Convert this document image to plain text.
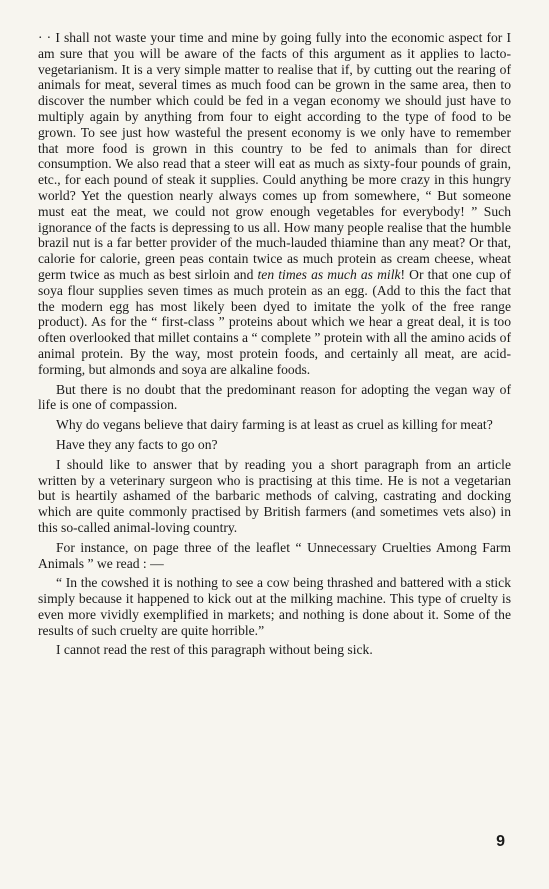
· · I shall not waste your time and mine by going fully into the economic aspect for I am sure that you will be aware of the facts of this argument as it applies to lacto-vegetarianism. It is a very simple matter to realise that if, by cutting out the rearing of animals for meat, several times as much food can be grown in the same area, then to discover the number which could be fed in a vegan economy we should just have to multiply again by anything from four to eight according to the type of food to be grown. To see just how wasteful the present economy is we only have to remember that more food is grown in this country to be fed to animals than for direct consumption. We also read that a steer will eat as much as sixty-four pounds of grain, etc., for each pound of steak it supplies. Could anything be more crazy in this hungry world? Yet the question nearly always comes up from somewhere, “ But someone must eat the meat, we could not grow enough vegetables for everybody! ” Such ignorance of the facts is depressing to us all. How many people realise that the humble brazil nut is a far better provider of the much-lauded thiamine than any meat? Or that, calorie for calorie, green peas contain twice as much protein as cream cheese, wheat germ twice as much as best sirloin and ten times as much as milk! Or that one cup of soya flour supplies seven times as much protein as an egg. (Add to this the fact that the modern egg has most likely been dyed to imitate the yolk of the free range product). As for the “ first-class ” proteins about which we hear a great deal, it is too often overlooked that millet contains a “ complete ” protein with all the amino acids of animal protein. By the way, most protein foods, and certainly all meat, are acid-forming, but almonds and soya are alkaline foods.

But there is no doubt that the predominant reason for adopting the vegan way of life is one of compassion.

Why do vegans believe that dairy farming is at least as cruel as killing for meat?

Have they any facts to go on?

I should like to answer that by reading you a short paragraph from an article written by a veterinary surgeon who is practising at this time. He is not a vegetarian but is heartily ashamed of the barbaric methods of calving, castrating and docking which are quite commonly practised by British farmers (and sometimes vets also) in this so-called animal-loving country.

For instance, on page three of the leaflet “ Unnecessary Cruelties Among Farm Animals ” we read : —

“ In the cowshed it is nothing to see a cow being thrashed and battered with a stick simply because it happened to kick out at the milking machine. This type of cruelty is even more vividly exemplified in markets; and nothing is done about it. Some of the results of such cruelty are quite horrible.”

I cannot read the rest of this paragraph without being sick.

9
